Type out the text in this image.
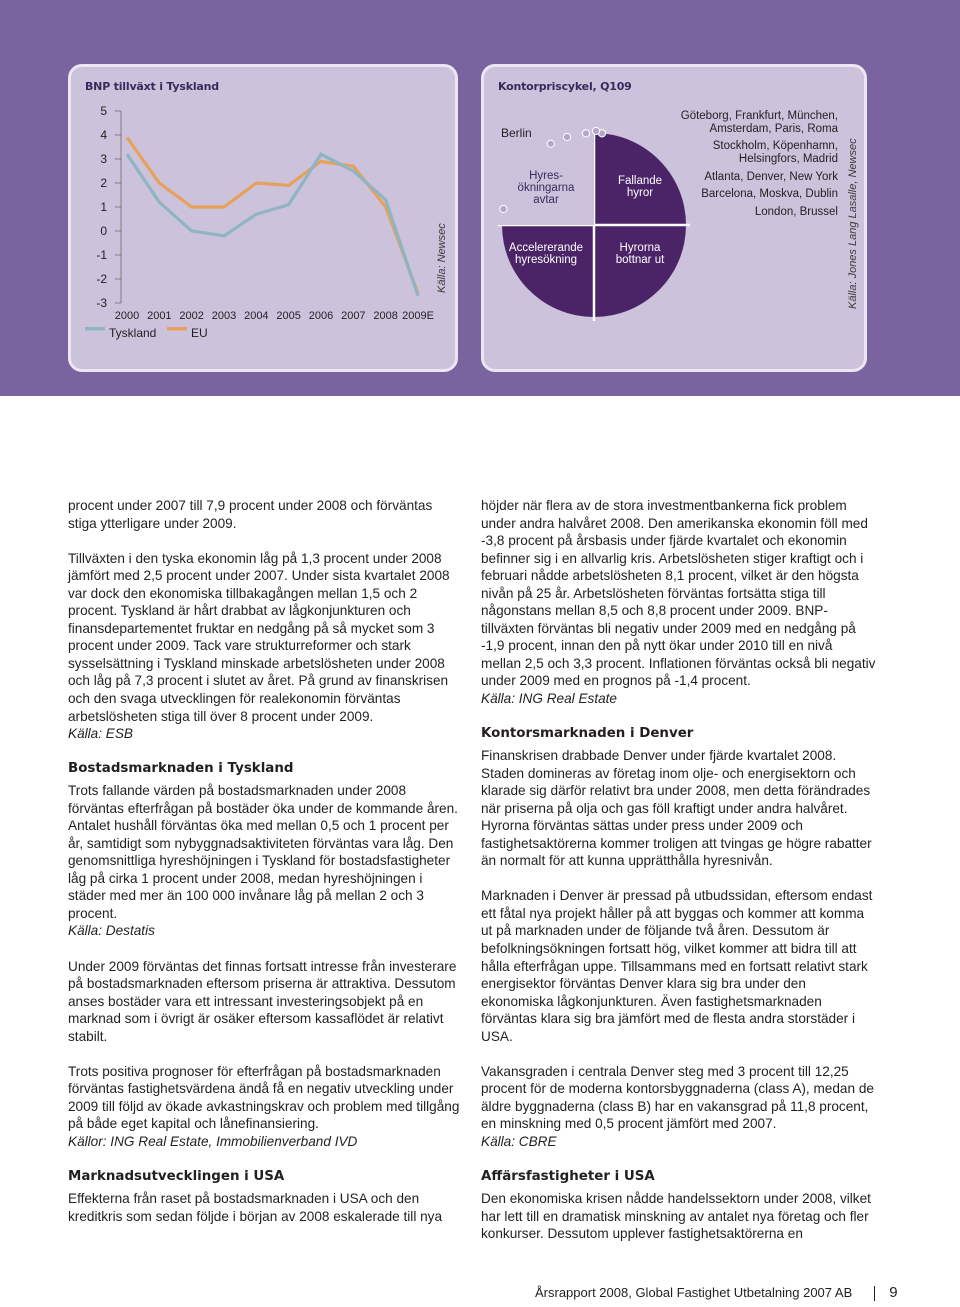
BNP tillväxt i Tyskland
5
4
3
2
1
0
-1
-2
-3
2000 2001 2002 2003 2004 2005 2006 2007 2008 2009E
Tyskland	EU
Källa: Newsec
Kontorpriscykel, Q109
Berlin
Hyres-
ökningarna
avtar
Fallande
hyror
Accelererande
hyresökning
Hyrorna
bottnar ut
Göteborg, Frankfurt, München,
Amsterdam, Paris, Roma
Stockholm, Köpenhamn,
Helsingfors, Madrid
Atlanta, Denver, New York
Barcelona, Moskva, Dublin
London, Brussel Källa: Jones Lang Lasalle, Newsec

procent under 2007 till 7,9 procent under 2008 och förväntas stiga ytterligare under 2009.

Tillväxten i den tyska ekonomin låg på 1,3 procent under 2008 jämfört med 2,5 procent under 2007. Under sista kvartalet 2008 var dock den ekonomiska tillbakagången mellan 1,5 och 2 procent. Tyskland är hårt drabbat av lågkonjunkturen och finansdepartementet fruktar en nedgång på så mycket som 3 procent under 2009. Tack vare strukturreformer och stark sysselsättning i Tyskland minskade arbetslösheten under 2008 och låg på 7,3 procent i slutet av året. På grund av finanskrisen och den svaga utvecklingen för realekonomin förväntas arbetslösheten stiga till över 8 procent under 2009.
Källa: ESB

Bostadsmarknaden i Tyskland

Trots fallande värden på bostadsmarknaden under 2008 förväntas efterfrågan på bostäder öka under de kommande åren. Antalet hushåll förväntas öka med mellan 0,5 och 1 procent per år, samtidigt som nybyggnadsaktiviteten förväntas vara låg. Den genomsnittliga hyreshöjningen i Tyskland för bostadsfastigheter låg på cirka 1 procent under 2008, medan hyreshöjningen i städer med mer än 100 000 invånare låg på mellan 2 och 3 procent.
Källa: Destatis

Under 2009 förväntas det finnas fortsatt intresse från investerare på bostadsmarknaden eftersom priserna är attraktiva. Dessutom anses bostäder vara ett intressant investeringsobjekt på en marknad som i övrigt är osäker eftersom kassaflödet är relativt stabilt.

Trots positiva prognoser för efterfrågan på bostadsmarknaden förväntas fastighetsvärdena ändå få en negativ utveckling under 2009 till följd av ökade avkastningskrav och problem med tillgång på både eget kapital och lånefinansiering.
Källor: ING Real Estate, Immobilienverband IVD

Marknadsutvecklingen i USA

Effekterna från raset på bostadsmarknaden i USA och den kreditkris som sedan följde i början av 2008 eskalerade till nya

höjder när flera av de stora investmentbankerna fick problem under andra halvåret 2008. Den amerikanska ekonomin föll med -3,8 procent på årsbasis under fjärde kvartalet och ekonomin befinner sig i en allvarlig kris. Arbetslösheten stiger kraftigt och i februari nådde arbetslösheten 8,1 procent, vilket är den högsta nivån på 25 år. Arbetslösheten förväntas fortsätta stiga till någonstans mellan 8,5 och 8,8 procent under 2009. BNP-tillväxten förväntas bli negativ under 2009 med en nedgång på -1,9 procent, innan den på nytt ökar under 2010 till en nivå mellan 2,5 och 3,3 procent. Inflationen förväntas också bli negativ under 2009 med en prognos på -1,4 procent.
Källa: ING Real Estate

Kontorsmarknaden i Denver

Finanskrisen drabbade Denver under fjärde kvartalet 2008. Staden domineras av företag inom olje- och energisektorn och klarade sig därför relativt bra under 2008, men detta förändrades när priserna på olja och gas föll kraftigt under andra halvåret. Hyrorna förväntas sättas under press under 2009 och fastighetsaktörerna kommer troligen att tvingas ge högre rabatter än normalt för att kunna upprätthålla hyresnivån.

Marknaden i Denver är pressad på utbudssidan, eftersom endast ett fåtal nya projekt håller på att byggas och kommer att komma ut på marknaden under de följande två åren. Dessutom är befolkningsökningen fortsatt hög, vilket kommer att bidra till att hålla efterfrågan uppe. Tillsammans med en fortsatt relativt stark energisektor förväntas Denver klara sig bra under den ekonomiska lågkonjunkturen. Även fastighetsmarknaden förväntas klara sig bra jämfört med de flesta andra storstäder i USA.

Vakansgraden i centrala Denver steg med 3 procent till 12,25 procent för de moderna kontorsbyggnaderna (class A), medan de äldre byggnaderna (class B) har en vakansgrad på 11,8 procent, en minskning med 0,5 procent jämfört med 2007.
Källa: CBRE

Affärsfastigheter i USA

Den ekonomiska krisen nådde handelssektorn under 2008, vilket har lett till en dramatisk minskning av antalet nya företag och fler konkurser. Dessutom upplever fastighetsaktörerna en

Årsrapport 2008, Global Fastighet Utbetalning 2007 AB 9
